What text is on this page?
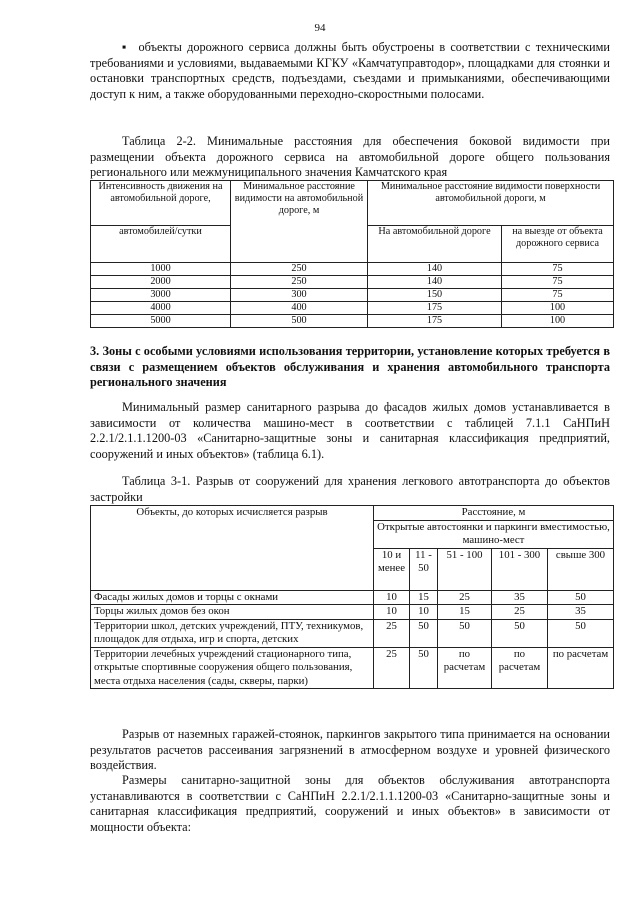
94
▪ объекты дорожного сервиса должны быть обустроены в соответствии с техническими требованиями и условиями, выдаваемыми КГКУ «Камчатуправтодор», площадками для стоянки и остановки транспортных средств, подъездами, съездами и примыканиями, обеспечивающими доступ к ним, а также оборудованными переходно-скоростными полосами.
Таблица 2-2. Минимальные расстояния для обеспечения боковой видимости при размещении объекта дорожного сервиса на автомобильной дороге общего пользования регионального или межмуниципального значения Камчатского края
Интенсивность движения на автомобильной дороге,	Минимальное расстояние видимости на автомобильной дороге, м	Минимальное расстояние видимости поверхности автомобильной дороги, м	
автомобилей/сутки		На автомобильной дороге	на выезде от объекта дорожного сервиса
1000	250	140	75
2000	250	140	75
3000	300	150	75
4000	400	175	100
5000	500	175	100
3. Зоны с особыми условиями использования территории, установление которых требуется в связи с размещением объектов обслуживания и хранения автомобильного транспорта регионального значения
Минимальный размер санитарного разрыва до фасадов жилых домов устанавливается в зависимости от количества машино-мест в соответствии с таблицей 7.1.1 СаНПиН 2.2.1/2.1.1.1200-03 «Санитарно-защитные зоны и санитарная классификация предприятий, сооружений и иных объектов» (таблица 6.1).
Таблица 3-1. Разрыв от сооружений для хранения легкового автотранспорта до объектов застройки
Объекты, до которых исчисляется разрыв	Расстояние, м				
	Открытые автостоянки и паркинги вместимостью, машино-мест				
	10 и менее	11 - 50	51 - 100	101 - 300	свыше 300
Фасады жилых домов и торцы с окнами	10	15	25	35	50
Торцы жилых домов без окон	10	10	15	25	35
Территории школ, детских учреждений, ПТУ, техникумов, площадок для отдыха, игр и спорта, детских	25	50	50	50	50
Территории лечебных учреждений стационарного типа, открытые спортивные сооружения общего пользования, места отдыха населения (сады, скверы, парки)	25	50	по расчетам	по расчетам	по расчетам
Разрыв от наземных гаражей-стоянок, паркингов закрытого типа принимается на основании результатов расчетов рассеивания загрязнений в атмосферном воздухе и уровней физического воздействия.
Размеры санитарно-защитной зоны для объектов обслуживания автотранспорта устанавливаются в соответствии с СаНПиН 2.2.1/2.1.1.1200-03 «Санитарно-защитные зоны и санитарная классификация предприятий, сооружений и иных объектов» в зависимости от мощности объекта:
